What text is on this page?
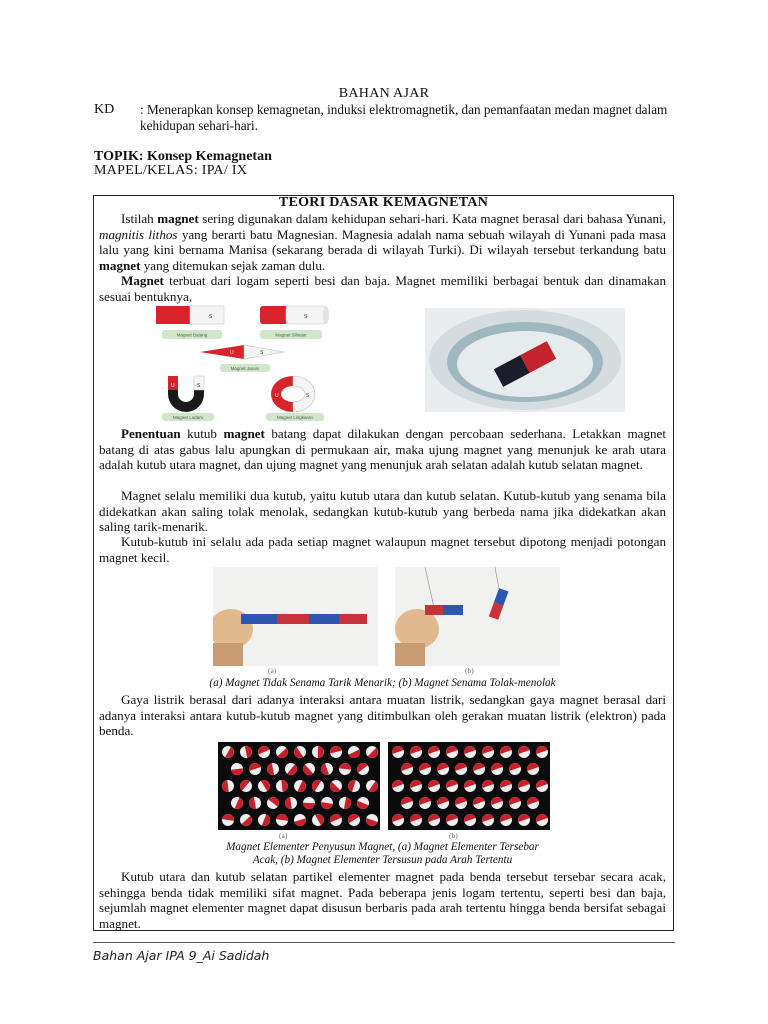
BAHAN AJAR
KD : Menerapkan konsep kemagnetan, induksi elektromagnetik, dan pemanfaatan medan magnet dalam kehidupan sehari-hari.
TOPIK: Konsep Kemagnetan
MAPEL/KELAS: IPA/ IX
TEORI DASAR KEMAGNETAN
Istilah magnet sering digunakan dalam kehidupan sehari-hari. Kata magnet berasal dari bahasa Yunani, magnitis lithos yang berarti batu Magnesian. Magnesia adalah nama sebuah wilayah di Yunani pada masa lalu yang kini bernama Manisa (sekarang berada di wilayah Turki). Di wilayah tersebut terkandung batu magnet yang ditemukan sejak zaman dulu.
Magnet terbuat dari logam seperti besi dan baja. Magnet memiliki berbagai bentuk dan dinamakan sesuai bentuknya,
S
Magnet Batang
S
Magnet Silinder
U	S
Magnet Jarum
U	S
Magnet Ladam
U	S
Magnet Lingkaran
Penentuan kutub magnet batang dapat dilakukan dengan percobaan sederhana. Letakkan magnet batang di atas gabus lalu apungkan di permukaan air, maka ujung magnet yang menunjuk ke arah utara adalah kutub utara magnet, dan ujung magnet yang menunjuk arah selatan adalah kutub selatan magnet.
Magnet selalu memiliki dua kutub, yaitu kutub utara dan kutub selatan. Kutub-kutub yang senama bila didekatkan akan saling tolak menolak, sedangkan kutub-kutub yang berbeda nama jika didekatkan akan saling tarik-menarik.
Kutub-kutub ini selalu ada pada setiap magnet walaupun magnet tersebut dipotong menjadi potongan magnet kecil.
(a)	(b)
(a) Magnet Tidak Senama Tarik Menarik; (b) Magnet Senama Tolak-menolak
Gaya listrik berasal dari adanya interaksi antara muatan listrik, sedangkan gaya magnet berasal dari adanya interaksi antara kutub-kutub magnet yang ditimbulkan oleh gerakan muatan listrik (elektron) pada benda.
(a)	(b)
Magnet Elementer Penyusun Magnet, (a) Magnet Elementer Tersebar
Acak, (b) Magnet Elementer Tersusun pada Arah Tertentu
Kutub utara dan kutub selatan partikel elementer magnet pada benda tersebut tersebar secara acak, sehingga benda tidak memiliki sifat magnet. Pada beberapa jenis logam tertentu, seperti besi dan baja, sejumlah magnet elementer magnet dapat disusun berbaris pada arah tertentu hingga benda bersifat sebagai magnet.
Bahan Ajar IPA 9_Ai Sadidah
